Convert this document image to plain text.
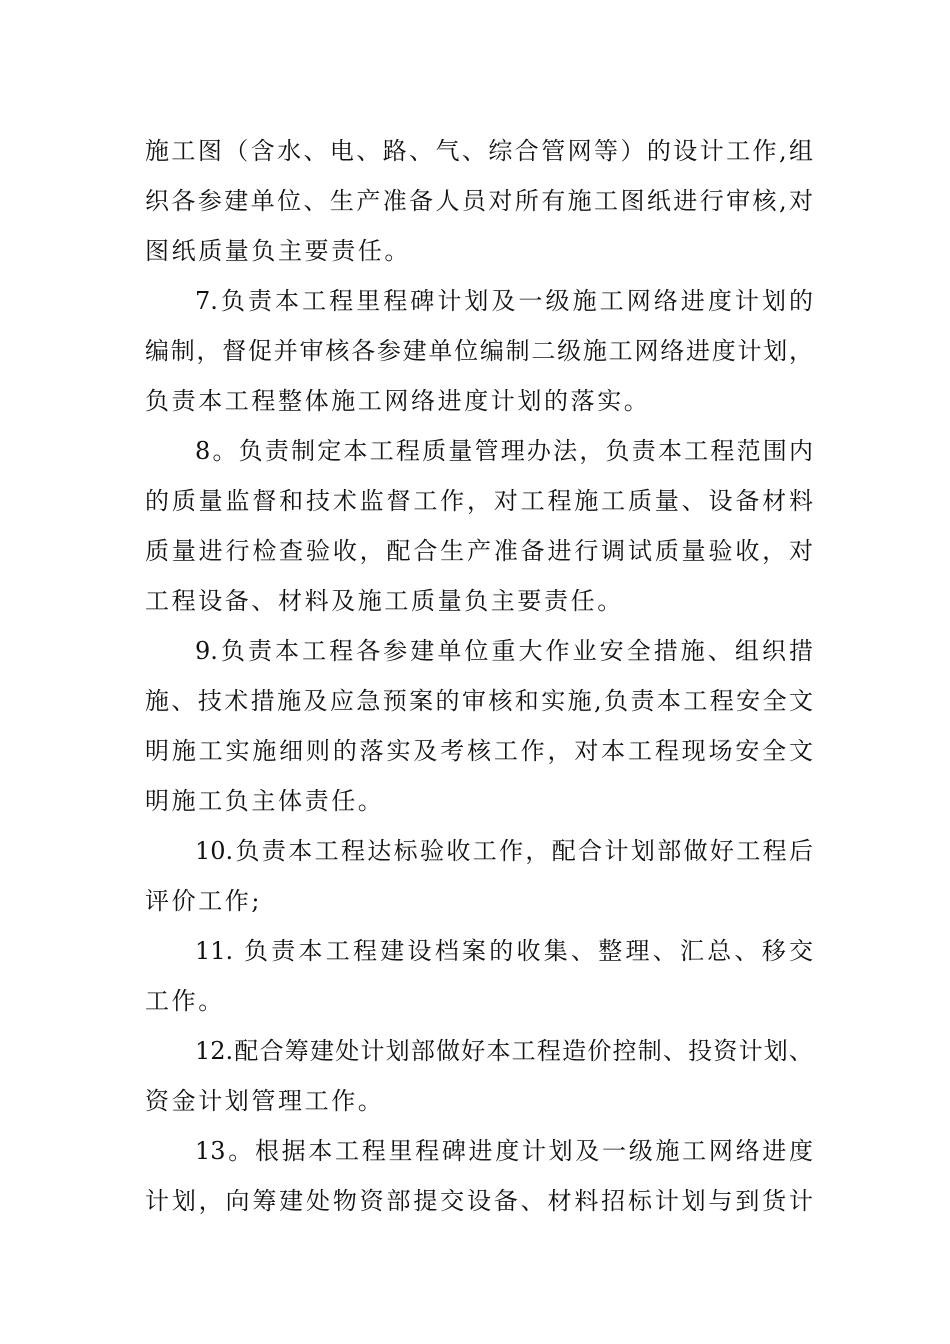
施工图（含水、电、路、气、综合管网等）的设计工作,组
织各参建单位、生产准备人员对所有施工图纸进行审核,对
图纸质量负主要责任。
7.负责本工程里程碑计划及一级施工网络进度计划的
编制，督促并审核各参建单位编制二级施工网络进度计划，
负责本工程整体施工网络进度计划的落实。
8。负责制定本工程质量管理办法，负责本工程范围内
的质量监督和技术监督工作，对工程施工质量、设备材料
质量进行检查验收，配合生产准备进行调试质量验收，对
工程设备、材料及施工质量负主要责任。
9.负责本工程各参建单位重大作业安全措施、组织措
施、技术措施及应急预案的审核和实施,负责本工程安全文
明施工实施细则的落实及考核工作，对本工程现场安全文
明施工负主体责任。
10.负责本工程达标验收工作，配合计划部做好工程后
评价工作;
11. 负责本工程建设档案的收集、整理、汇总、移交
工作。
12.配合筹建处计划部做好本工程造价控制、投资计划、
资金计划管理工作。
13。根据本工程里程碑进度计划及一级施工网络进度
计划，向筹建处物资部提交设备、材料招标计划与到货计
